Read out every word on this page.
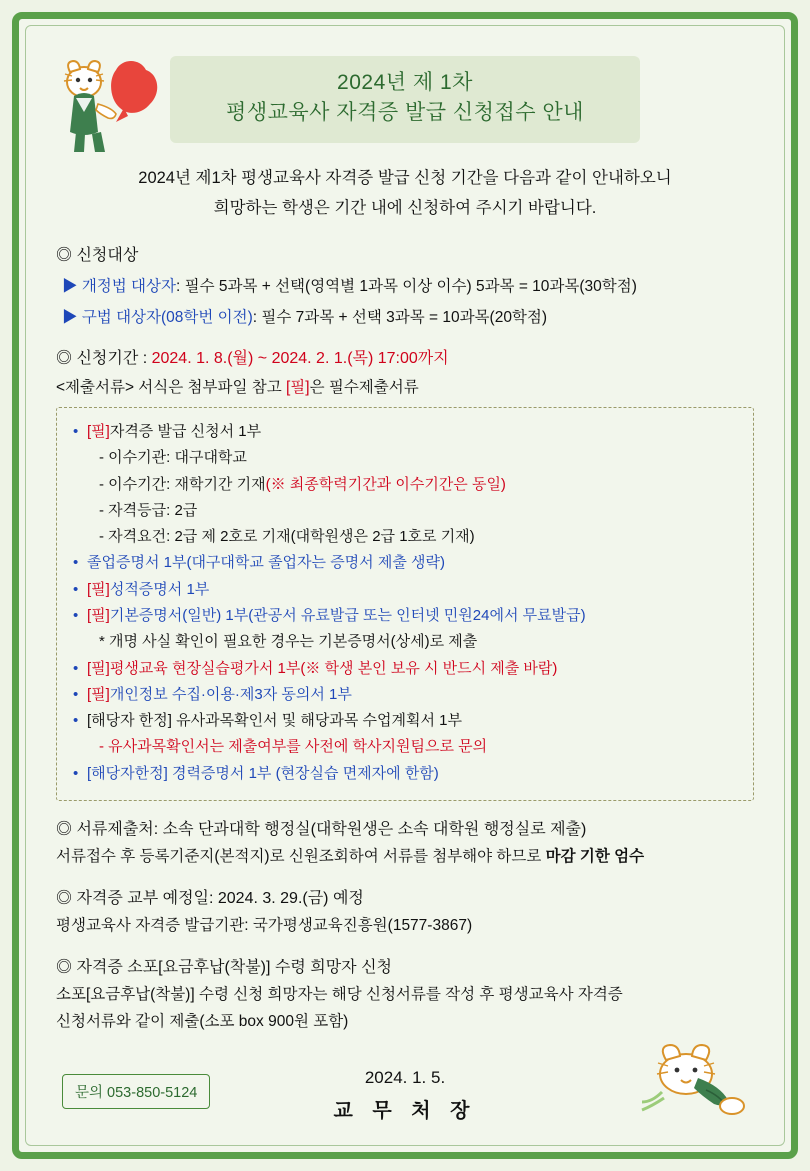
2024년 제 1차
평생교육사 자격증 발급 신청접수 안내
2024년 제1차 평생교육사 자격증 발급 신청 기간을 다음과 같이 안내하오니
희망하는 학생은 기간 내에 신청하여 주시기 바랍니다.
◎ 신청대상
▶ 개정법 대상자: 필수 5과목 + 선택(영역별 1과목 이상 이수) 5과목 = 10과목(30학점)
▶ 구법 대상자(08학번 이전): 필수 7과목 + 선택 3과목 = 10과목(20학점)
◎ 신청기간 : 2024. 1. 8.(월) ~ 2024. 2. 1.(목) 17:00까지
<제출서류> 서식은 첨부파일 참고 [필]은 필수제출서류
• [필]자격증 발급 신청서 1부
- 이수기관: 대구대학교
- 이수기간: 재학기간 기재(※ 최종학력기간과 이수기간은 동일)
- 자격등급: 2급
- 자격요건: 2급 제 2호로 기재(대학원생은 2급 1호로 기재)
• 졸업증명서 1부(대구대학교 졸업자는 증명서 제출 생략)
• [필]성적증명서 1부
• [필]기본증명서(일반) 1부(관공서 유료발급 또는 인터넷 민원24에서 무료발급)
* 개명 사실 확인이 필요한 경우는 기본증명서(상세)로 제출
• [필]평생교육 현장실습평가서 1부(※ 학생 본인 보유 시 반드시 제출 바람)
• [필]개인정보 수집·이용·제3자 동의서 1부
• [해당자 한정] 유사과목확인서 및 해당과목 수업계획서 1부
- 유사과목확인서는 제출여부를 사전에 학사지원팀으로 문의
• [해당자한정] 경력증명서 1부 (현장실습 면제자에 한함)
◎ 서류제출처: 소속 단과대학 행정실(대학원생은 소속 대학원 행정실로 제출)
서류접수 후 등록기준지(본적지)로 신원조회하여 서류를 첨부해야 하므로 마감 기한 엄수
◎ 자격증 교부 예정일: 2024. 3. 29.(금) 예정
평생교육사 자격증 발급기관: 국가평생교육진흥원(1577-3867)
◎ 자격증 소포[요금후납(착불)] 수령 희망자 신청
소포[요금후납(착불)] 수령 신청 희망자는 해당 신청서류를 작성 후 평생교육사 자격증
신청서류와 같이 제출(소포 box 900원 포함)
문의 053-850-5124
2024. 1. 5.
교 무 처 장
